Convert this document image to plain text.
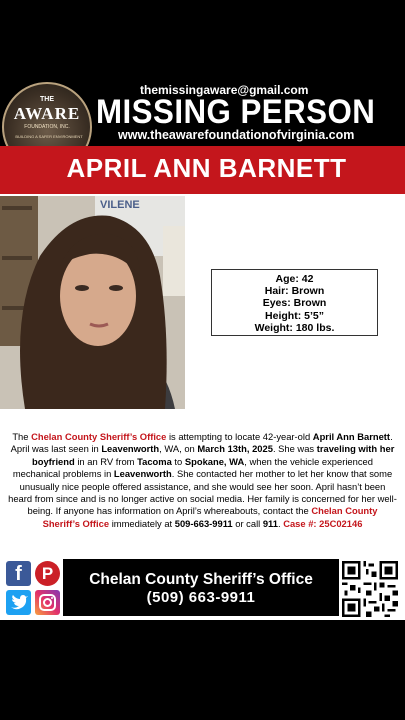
THE
AWARE
FOUNDATION, INC.
BUILDING A SAFER ENVIRONMENT
themissingaware@gmail.com
MISSING PERSON
www.theawarefoundationofvirginia.com
APRIL ANN BARNETT
VILENE
Age: 42
Hair: Brown
Eyes: Brown
Height: 5’5”
Weight: 180 lbs.
The Chelan County Sheriff’s Office is attempting to locate 42-year-old April Ann Barnett. April was last seen in Leavenworth, WA, on March 13th, 2025. She was traveling with her boyfriend in an RV from Tacoma to Spokane, WA, when the vehicle experienced mechanical problems in Leavenworth. She contacted her mother to let her know that some unusually nice people offered assistance, and she would see her soon. April hasn’t been heard from since and is no longer active on social media. Her family is concerned for her well-being. If anyone has information on April’s whereabouts, contact the Chelan County Sheriff’s Office immediately at 509-663-9911 or call 911. Case #: 25C02146
f	P	Chelan County Sheriff’s Office
(509) 663-9911
